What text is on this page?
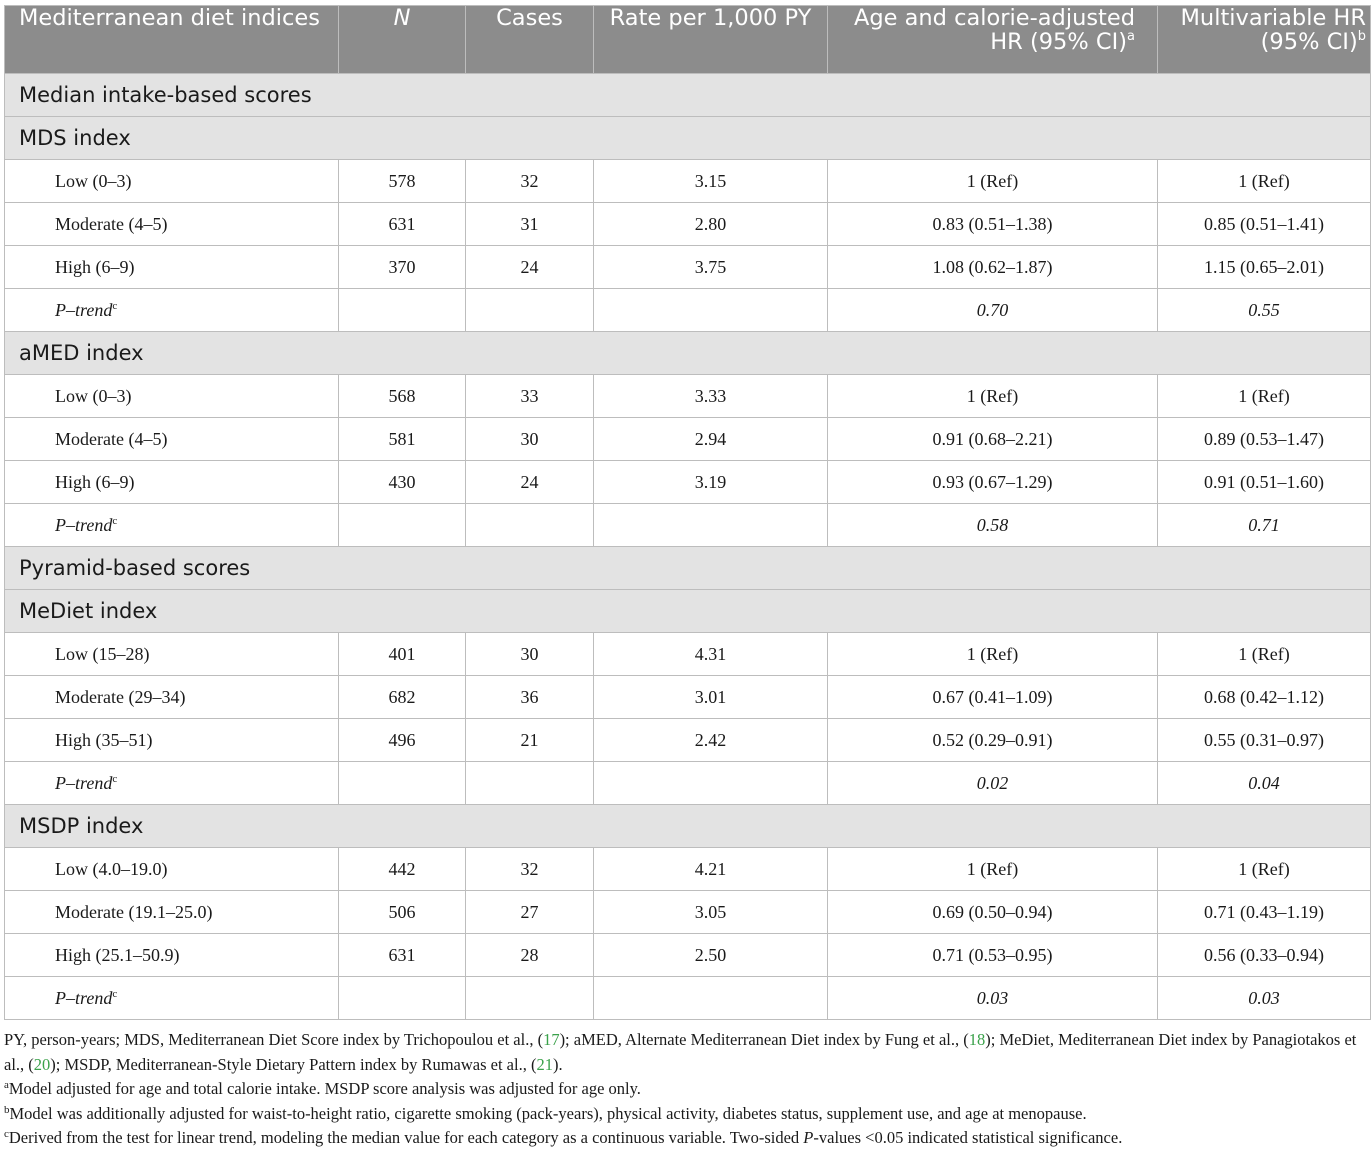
Mediterranean diet indices	N	Cases	Rate per 1,000 PY	Age and calorie-adjusted
HR (95% CI)$^a$	Multivariable HR
(95% CI)$^b$
Median intake-based scores					
MDS index					
Low (0–3)	578	32	3.15	1 (Ref)	1 (Ref)
Moderate (4–5)	631	31	2.80	0.83 (0.51–1.38)	0.85 (0.51–1.41)
High (6–9)	370	24	3.75	1.08 (0.62–1.87)	1.15 (0.65–2.01)
P–trend$^c$				0.70	0.55
aMED index					
Low (0–3)	568	33	3.33	1 (Ref)	1 (Ref)
Moderate (4–5)	581	30	2.94	0.91 (0.68–2.21)	0.89 (0.53–1.47)
High (6–9)	430	24	3.19	0.93 (0.67–1.29)	0.91 (0.51–1.60)
P–trend$^c$				0.58	0.71
Pyramid-based scores					
MeDiet index					
Low (15–28)	401	30	4.31	1 (Ref)	1 (Ref)
Moderate (29–34)	682	36	3.01	0.67 (0.41–1.09)	0.68 (0.42–1.12)
High (35–51)	496	21	2.42	0.52 (0.29–0.91)	0.55 (0.31–0.97)
P–trend$^c$				0.02	0.04
MSDP index					
Low (4.0–19.0)	442	32	4.21	1 (Ref)	1 (Ref)
Moderate (19.1–25.0)	506	27	3.05	0.69 (0.50–0.94)	0.71 (0.43–1.19)
High (25.1–50.9)	631	28	2.50	0.71 (0.53–0.95)	0.56 (0.33–0.94)
P–trend$^c$				0.03	0.03

PY, person-years; MDS, Mediterranean Diet Score index by Trichopoulou et al., (17); aMED, Alternate Mediterranean Diet index by Fung et al., (18); MeDiet, Mediterranean Diet index by Panagiotakos et al., (20); MSDP, Mediterranean-Style Dietary Pattern index by Rumawas et al., (21).

$^a$Model adjusted for age and total calorie intake. MSDP score analysis was adjusted for age only.

$^b$Model was additionally adjusted for waist-to-height ratio, cigarette smoking (pack-years), physical activity, diabetes status, supplement use, and age at menopause.

$^c$Derived from the test for linear trend, modeling the median value for each category as a continuous variable. Two-sided P-values <0.05 indicated statistical significance.
